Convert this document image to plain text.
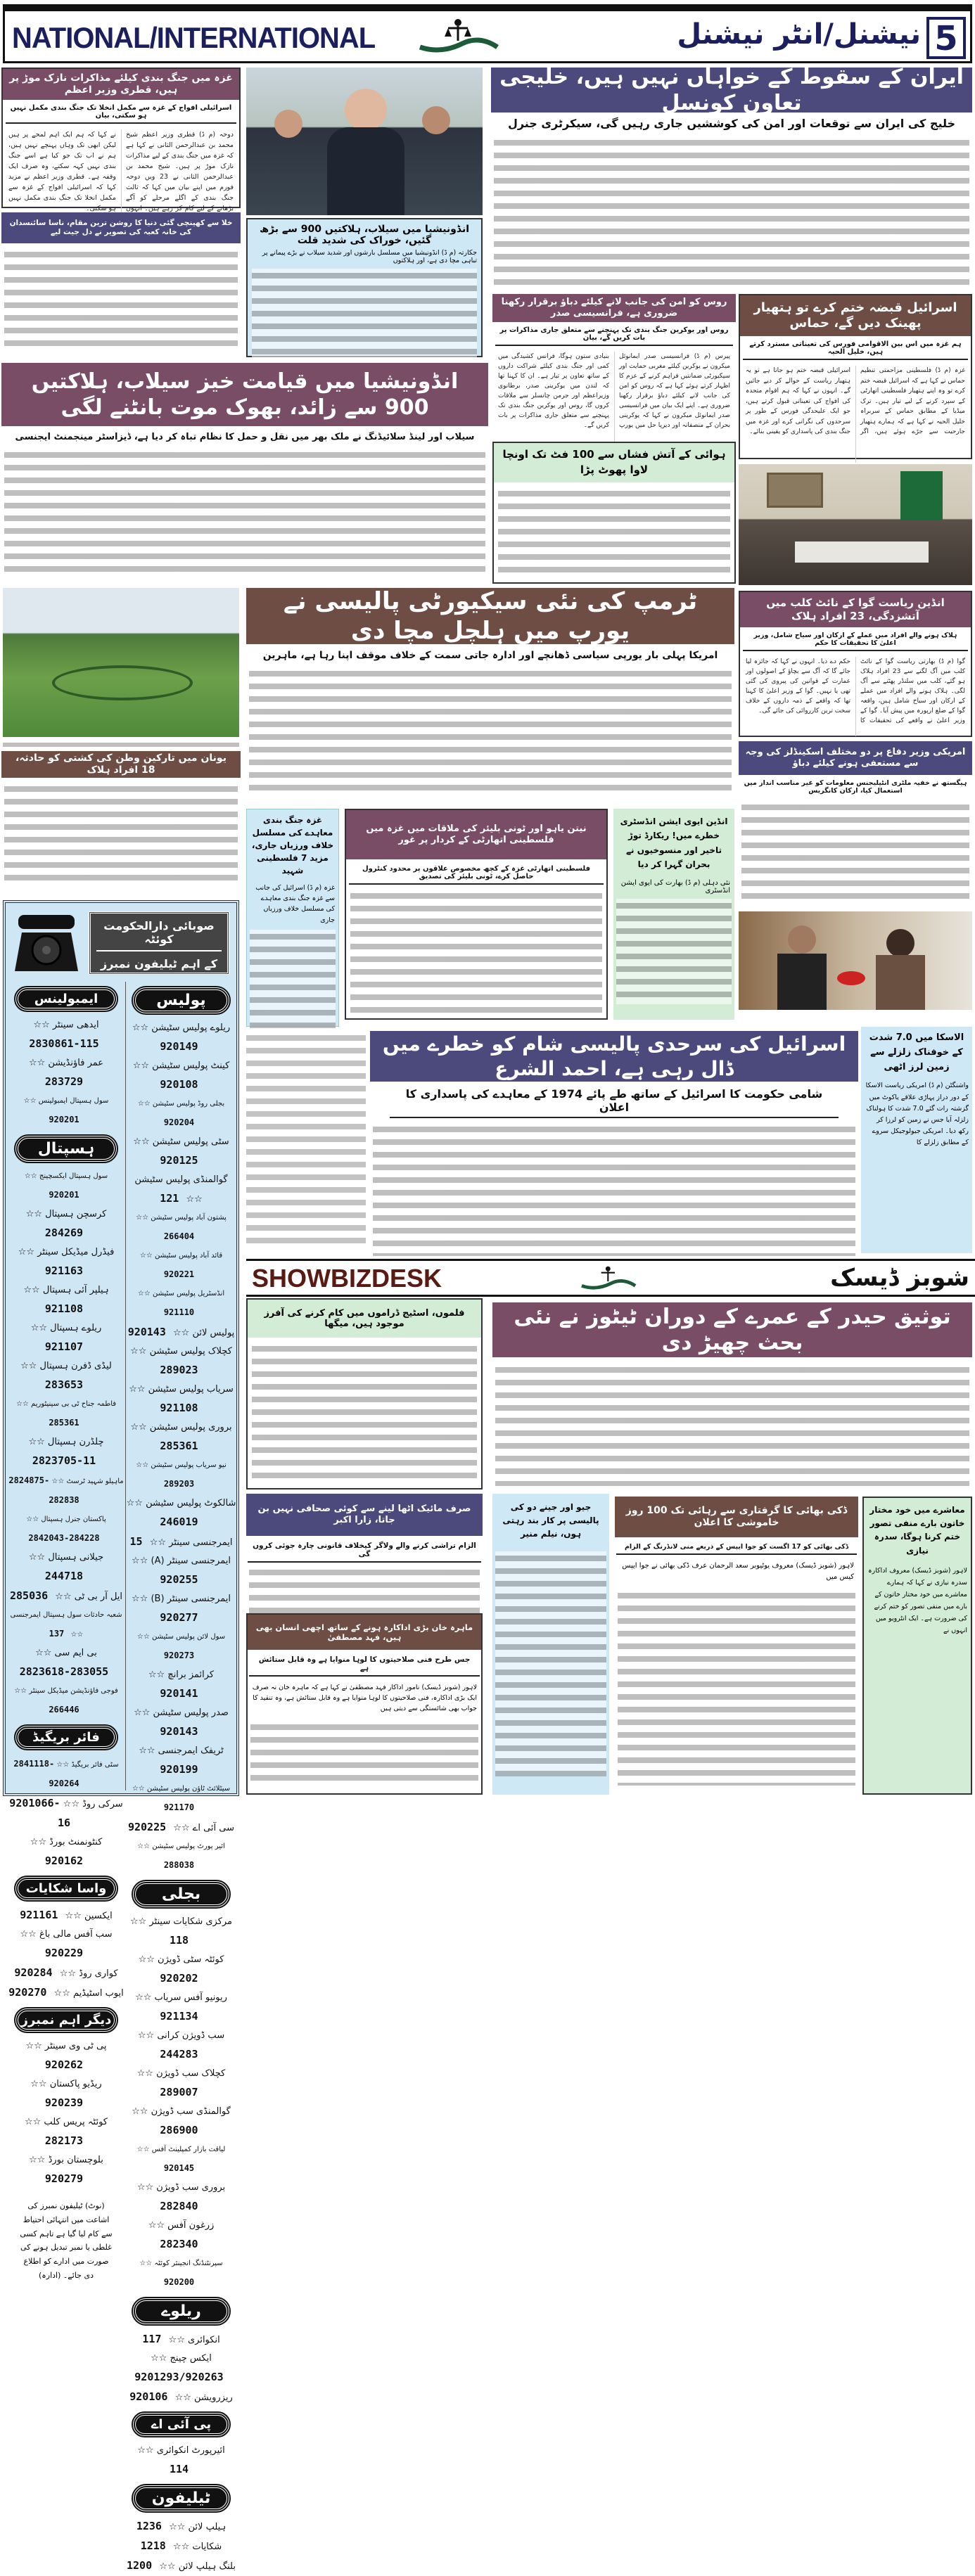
NATIONAL/INTERNATIONAL	نیشنل/انٹر نیشنل 5
غزہ میں جنگ بندی کیلئے مذاکرات نازک موڑ پر ہیں، قطری وزیر اعظم
اسرائیلی افواج کے غزہ سے مکمل انخلا تک جنگ بندی مکمل نہیں ہو سکتی، بیان
دوحہ (م ڈ) قطری وزیر اعظم شیخ محمد بن عبدالرحمن الثانی نے کہا ہے کہ غزہ میں جنگ بندی کے لیے مذاکرات نازک موڑ پر ہیں۔ شیخ محمد بن عبدالرحمن الثانی نے 23 ویں دوحہ فورم میں اپنے بیان میں کہا کہ ثالث جنگ بندی کے اگلے مرحلے کو آگے بڑھانے کے لیے کام کر رہے ہیں۔ انہوں نے کہا کہ ہم ایک اہم لمحے پر ہیں لیکن ابھی تک وہاں پہنچے نہیں ہیں، ہم نے اب تک جو کیا ہے اسے جنگ بندی نہیں کہہ سکتے، وہ صرف ایک وقفہ ہے۔ قطری وزیر اعظم نے مزید کہا کہ اسرائیلی افواج کے غزہ سے مکمل انخلا تک جنگ بندی مکمل نہیں ہو سکتی۔
خلا سے کھینچی گئی دنیا کا روشن ترین مقام، ناسا سائنسدان کی خانہ کعبہ کی تصویر نے دل جیت لیے	انڈونیشیا میں سیلاب، ہلاکتیں 900 سے بڑھ گئیں، خوراک کی شدید قلت
جکارتہ (م ڈ) انڈونیشیا میں مسلسل بارشوں اور شدید سیلاب نے بڑے پیمانے پر تباہی مچا دی ہے، اور ہلاکتوں
ایران کے سقوط کے خواہاں نہیں ہیں، خلیجی تعاون کونسل
خلیج کی ایران سے توقعات اور امن کی کوششیں جاری رہیں گی، سیکرٹری جنرل
روس کو امن کی جانب لانے کیلئے دباؤ برقرار رکھنا ضروری ہے، فرانسیسی صدر
روس اور یوکرین جنگ بندی تک پہنچنے سے متعلق جاری مذاکرات پر بات کریں گے، بیان
پیرس (م ڈ) فرانسیسی صدر ایمانوئل میکرون نے یوکرین کیلئے مغربی حمایت اور سیکیورٹی ضمانتیں فراہم کرنے کے عزم کا اظہار کرتے ہوئے کہا ہے کہ روس کو امن کی جانب لانے کیلئے دباؤ برقرار رکھنا ضروری ہے۔ اپنے ایک بیان میں فرانسیسی صدر ایمانوئل میکرون نے کہا کہ یوکرینی بحران کے منصفانہ اور دیرپا حل میں یورپ بنیادی ستون ہوگا، فرانس کشیدگی میں کمی اور جنگ بندی کیلئے شراکت داروں کے ساتھ تعاون پر تیار ہے۔ ان کا کہنا تھا کہ لندن میں یوکرینی صدر، برطانوی وزیراعظم اور جرمن چانسلر سے ملاقات کروں گا، روس اور یوکرین جنگ بندی تک پہنچنے سے متعلق جاری مذاکرات پر بات کریں گے۔
اسرائیل قبضہ ختم کرے تو ہتھیار پھینک دیں گے، حماس
ہم غزہ میں اس بین الاقوامی فورس کی تعیناتی مسترد کرتے ہیں، خلیل الحیہ
غزہ (م ڈ) فلسطینی مزاحمتی تنظیم حماس نے کہا ہے کہ اسرائیل قبضہ ختم کرے تو وہ اپنے ہتھیار فلسطینی اتھارٹی کے سپرد کرنے کے لیے تیار ہیں۔ ترک میڈیا کے مطابق حماس کے سربراہ خلیل الحیہ نے کہا ہے کہ ہمارے ہتھیار جارحیت سے جڑے ہوئے ہیں، اگر اسرائیلی قبضہ ختم ہو جاتا ہے تو یہ ہتھیار ریاست کے حوالے کر دیے جائیں گے۔ انہوں نے کہا کہ ہم اقوام متحدہ کی افواج کی تعیناتی قبول کرتے ہیں، جو ایک علیحدگی فورس کے طور پر سرحدوں کی نگرانی کرے اور غزہ میں جنگ بندی کی پاسداری کو یقینی بنائے۔
ہوائی کے آتش فشاں سے 100 فٹ تک اونچا لاوا پھوٹ پڑا
انڈونیشیا میں قیامت خیز سیلاب، ہلاکتیں 900 سے زائد، بھوک موت بانٹنے لگی
سیلاب اور لینڈ سلائیڈنگ نے ملک بھر میں نقل و حمل کا نظام تباہ کر دیا ہے، ڈیزاسٹر مینجمنٹ ایجنسی
ٹرمپ کی نئی سیکیورٹی پالیسی نے یورپ میں ہلچل مچا دی
امریکا پہلی بار یورپی سیاسی ڈھانچے اور ادارہ جاتی سمت کے خلاف موقف اپنا رہا ہے، ماہرین
انڈین ریاست گوا کے نائٹ کلب میں آتشزدگی، 23 افراد ہلاک
ہلاک ہونے والے افراد میں عملے کے ارکان اور سیاح شامل، وزیر اعلیٰ کا تحقیقات کا حکم
گوا (م ڈ) بھارتی ریاست گوا کے نائٹ کلب میں آگ لگنے سے 23 افراد ہلاک ہو گئے، کلب میں سلنڈر پھٹنے سے آگ لگی۔ ہلاک ہونے والے افراد میں عملے کے ارکان اور سیاح شامل ہیں، واقعہ گوا کے ضلع ارپورہ میں پیش آیا۔ گوا کے وزیر اعلیٰ نے واقعے کی تحقیقات کا حکم دے دیا۔ انہوں نے کہا کہ جائزہ لیا جائے گا کہ آگ سے بچاؤ کے اصولوں اور عمارت کے قوانین کی پیروی کی گئی تھی یا نہیں۔ گوا کے وزیر اعلیٰ کا کہنا تھا کہ واقعے کے ذمہ داروں کے خلاف سخت ترین کارروائی کی جائے گی۔
امریکی وزیر دفاع پر دو مختلف اسکینڈلز کی وجہ سے مستعفی ہونے کیلئے دباؤ
ہیگستھ نے خفیہ ملٹری انٹیلیجنس معلومات کو غیر مناسب انداز میں استعمال کیا، ارکان کانگریس
یونان میں تارکین وطن کی کشتی کو حادثہ، 18 افراد ہلاک
غزہ جنگ بندی معاہدے کی مسلسل خلاف ورزیاں جاری، مزید 7 فلسطینی شہید
غزہ (م ڈ) اسرائیل کی جانب سے غزہ جنگ بندی معاہدے کی مسلسل خلاف ورزیاں جاری
نیتن یاہو اور ٹونی بلیئر کی ملاقات میں غزہ میں فلسطینی اتھارٹی کے کردار پر غور
فلسطینی اتھارٹی غزہ کے کچھ مخصوص علاقوں پر محدود کنٹرول حاصل کرے، ٹونی بلیئر کی تصدیق
انڈین ایوی ایشن انڈسٹری خطرے میں! ریکارڈ توڑ تاخیر اور منسوخیوں نے بحران گہرا کر دیا
نئی دہلی (م ڈ) بھارت کی ایوی ایشن انڈسٹری
الاسکا میں 7.0 شدت کے خوفناک زلزلے سے زمین لرز اٹھی
واشنگٹن (م ڈ) امریکی ریاست الاسکا کے دور دراز پہاڑی علاقے یاکوٹ میں گزشتہ رات گئے 7.0 شدت کا ہولناک زلزلہ آیا جس نے زمین کو لرزا کر رکھ دیا۔ امریکی جیولوجیکل سروے کے مطابق زلزلے کا
اسرائیل کی سرحدی پالیسی شام کو خطرے میں ڈال رہی ہے، احمد الشرع
شامی حکومت کا اسرائیل کے ساتھ طے پائے 1974 کے معاہدے کی پاسداری کا اعلان
SHOWBIZDESK	شوبز ڈیسک
توثیق حیدر کے عمرے کے دوران ٹیٹوز نے نئی بحث چھیڑ دی
فلموں، اسٹیج ڈراموں میں کام کرنے کی آفرز موجود ہیں، میگھا
صرف مائیک اٹھا لینے سے کوئی صحافی نہیں بن جاتا، زارا اکبر
الزام تراشی کرنے والے ولاگر کیخلاف قانونی چارہ جوئی کروں گی
ماہرہ خان بڑی اداکارہ ہونے کے ساتھ اچھی انسان بھی ہیں، فہد مصطفیٰ
جس طرح فنی صلاحیتوں کا لوہا منوایا ہے وہ قابل ستائش ہے
لاہور (شوبز ڈیسک) نامور اداکار فہد مصطفیٰ نے کہا ہے کہ ماہرہ خان نہ صرف ایک بڑی اداکارہ، فنی صلاحیتوں کا لوہا منوایا ہے وہ قابل ستائش ہے، وہ تنقید کا جواب بھی شائستگی سے دیتی ہیں
جیو اور جینے دو کی پالیسی پر کار بند رہتی ہوں، نیلم منیر
ڈکی بھائی کا گرفتاری سے رہائی تک 100 روز خاموشی کا اعلان
ڈکی بھائی کو 17 اگست کو جوا ایپس کے ذریعے منی لانڈرنگ کے الزام
لاہور (شوبز ڈیسک) معروف یوٹیوبر سعد الرحمان عرف ڈکی بھائی نے جوا ایپس کیس میں
معاشرے میں خود مختار خاتون بارے منفی تصور ختم کرنا ہوگا، سدرہ نیازی
لاہور (شوبز ڈیسک) معروف اداکارہ سدرہ نیازی نے کہا کہ ہمارے معاشرے میں خود مختار خاتون کے بارے میں منفی تصور کو ختم کرنے کی ضرورت ہے۔ ایک انٹرویو میں انہوں نے
صوبائی دارالحکومت کوئٹہ
کے اہم ٹیلیفون نمبرز
پولیس
ریلوے پولیس سٹیشن ☆☆ 920149
کینٹ پولیس سٹیشن ☆☆ 920108
بجلی روڈ پولیس سٹیشن ☆☆ 920204
سٹی پولیس سٹیشن ☆☆ 920125
گوالمنڈی پولیس سٹیشن ☆☆ 121
پشتون آباد پولیس سٹیشن ☆☆ 266404
قائد آباد پولیس سٹیشن ☆☆ 920221
انڈسٹریل پولیس سٹیشن ☆☆ 921110
پولیس لائن ☆☆ 920143
کچلاک پولیس سٹیشن ☆☆ 289023
سریاب پولیس سٹیشن ☆☆ 921108
بروری پولیس سٹیشن ☆☆ 285361
نیو سریاب پولیس سٹیشن ☆☆ 289203
شالکوٹ پولیس سٹیشن ☆☆ 246019
ایمرجنسی سینٹر ☆☆ 15
ایمرجنسی سینٹر (A) ☆☆ 920255
ایمرجنسی سینٹر (B) ☆☆ 920277
سول لائن پولیس سٹیشن ☆☆ 920273
کرائمز برانچ ☆☆ 920141
صدر پولیس سٹیشن ☆☆ 920143
ٹریفک ایمرجنسی ☆☆ 920199
سیٹلائٹ ٹاؤن پولیس سٹیشن ☆☆ 921170
سی آئی اے ☆☆ 920225
ائیر پورٹ پولیس سٹیشن ☆☆ 288038
بجلی
مرکزی شکایات سینٹر ☆☆ 118
کوئٹہ سٹی ڈویژن ☆☆ 920202
ریونیو آفس سریاب ☆☆ 921134
سب ڈویژن کرانی ☆☆ 244283
کچلاک سب ڈویژن ☆☆ 289007
گوالمنڈی سب ڈویژن ☆☆ 286900
لیاقت بازار کمپلینٹ آفس ☆☆ 920145
بروری سب ڈویژن ☆☆ 282840
زرغون آفس ☆☆ 282340
سپرنٹنڈنگ انجینئر کوئٹہ ☆☆ 920200
ریلوے
انکوائری ☆☆ 117
ایکس چینج ☆☆ 9201293/920263
ریزرویشن ☆☆ 920106
پی آئی اے
ائیرپورٹ انکوائری ☆☆ 114
ٹیلیفون
ہیلپ لائن ☆☆ 1236
شکایات ☆☆ 1218
بلنگ ہیلپ لائن ☆☆ 1200
ایمبولینس
ایدھی سینٹر ☆☆ 2830861-115
عمر فاؤنڈیشن ☆☆ 283729
سول ہسپتال ایمبولینس ☆☆ 920201
ہسپتال
سول ہسپتال ایکسچینج ☆☆ 920201
کرسچن ہسپتال ☆☆ 284269
فیڈرل میڈیکل سینٹر ☆☆ 921163
ہیلپر آئی ہسپتال ☆☆ 921108
ریلوے ہسپتال ☆☆ 921107
لیڈی ڈفرن ہسپتال ☆☆ 283653
فاطمہ جناح ٹی بی سینیٹوریم ☆☆ 285361
چلڈرن ہسپتال ☆☆ 2823705-11
ماہیلو شہید ٹرسٹ ☆☆ 2824875-282838
پاکستان جنرل ہسپتال ☆☆ 2842043-284228
جیلانی ہسپتال ☆☆ 244718
ایل آر بی ٹی ☆☆ 285036
شعبہ حادثات سول ہسپتال ایمرجنسی ☆☆ 137
بی ایم سی ☆☆ 2823618-283055
فوجی فاؤنڈیشن میڈیکل سینٹر ☆☆ 266446
فائر بریگیڈ
سٹی فائر بریگیڈ ☆☆ 2841118-920264
سرکی روڈ ☆☆ 9201066-16
کنٹونمنٹ بورڈ ☆☆ 920162
واسا شکایات
ایکسین ☆☆ 921161
سب آفس مالی باغ ☆☆ 920229
کواری روڈ ☆☆ 920284
ایوب اسٹیڈیم ☆☆ 920270
دیگر اہم نمبرز
پی ٹی وی سینٹر ☆☆ 920262
ریڈیو پاکستان ☆☆ 920239
کوئٹہ پریس کلب ☆☆ 282173
بلوچستان بورڈ ☆☆ 920279
(نوٹ) ٹیلیفون نمبرز کی اشاعت میں انتہائی احتیاط سے کام لیا گیا ہے تاہم کسی غلطی یا نمبر تبدیل ہونے کی صورت میں ادارے کو اطلاع دی جائے۔ (ادارہ)
